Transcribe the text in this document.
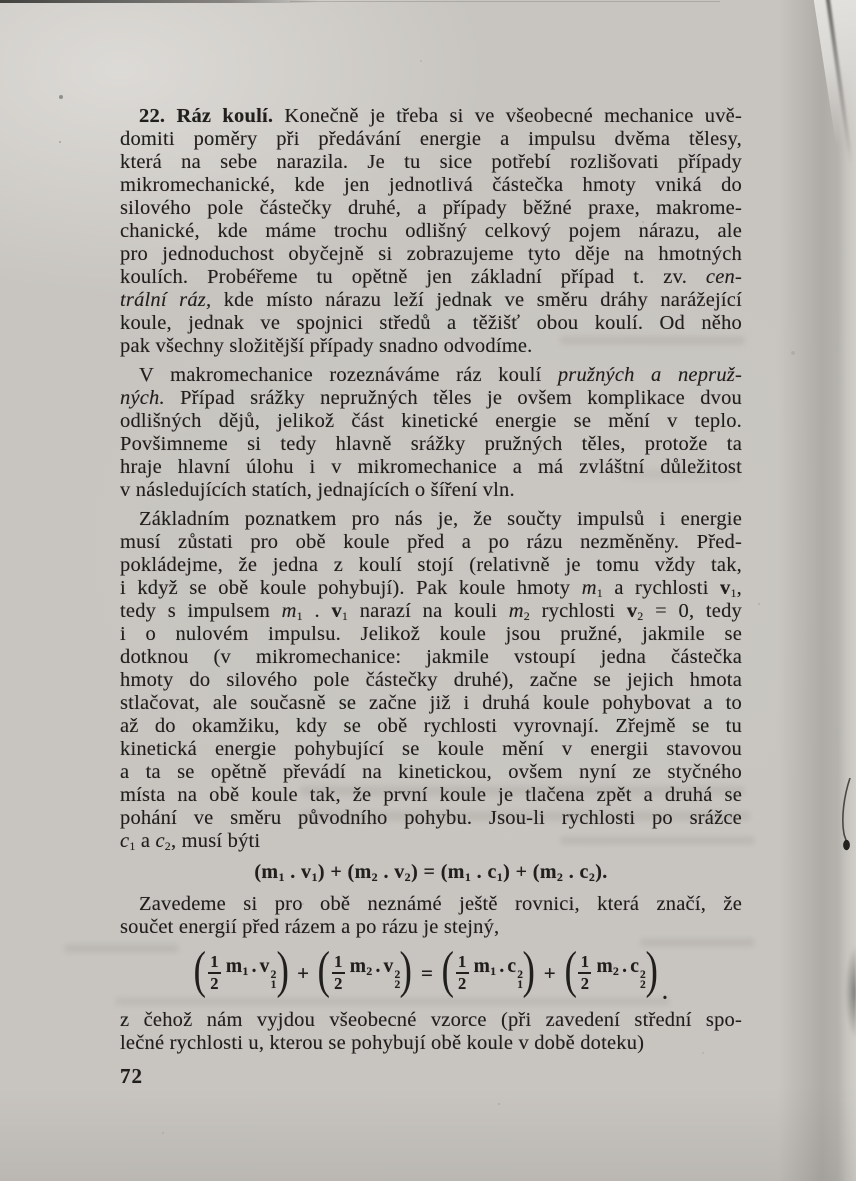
22. Ráz koulí. Konečně je třeba si ve všeobecné mechanice uvě-
domiti poměry při předávání energie a impulsu dvěma tělesy,
která na sebe narazila. Je tu sice potřebí rozlišovati případy
mikromechanické, kde jen jednotlivá částečka hmoty vniká do
silového pole částečky druhé, a případy běžné praxe, makrome-
chanické, kde máme trochu odlišný celkový pojem nárazu, ale
pro jednoduchost obyčejně si zobrazujeme tyto děje na hmotných
koulích. Probéřeme tu opětně jen základní případ t. zv. cen-
trální ráz, kde místo nárazu leží jednak ve směru dráhy narážející
koule, jednak ve spojnici středů a těžišť obou koulí. Od něho
pak všechny složitější případy snadno odvodíme.
V makromechanice rozeznáváme ráz koulí pružných a nepruž-
ných. Případ srážky nepružných těles je ovšem komplikace dvou
odlišných dějů, jelikož část kinetické energie se mění v teplo.
Povšimneme si tedy hlavně srážky pružných těles, protože ta
hraje hlavní úlohu i v mikromechanice a má zvláštní důležitost
v následujících statích, jednajících o šíření vln.
Základním poznatkem pro nás je, že součty impulsů i energie
musí zůstati pro obě koule před a po rázu nezměněny. Před-
pokládejme, že jedna z koulí stojí (relativně je tomu vždy tak,
i když se obě koule pohybují). Pak koule hmoty $m_1$ a rychlosti $v_1$,
tedy s impulsem $m_1$ . $v_1$ narazí na kouli $m_2$ rychlosti $v_2 = 0$, tedy
i o nulovém impulsu. Jelikož koule jsou pružné, jakmile se
dotknou (v mikromechanice: jakmile vstoupí jedna částečka
hmoty do silového pole částečky druhé), začne se jejich hmota
stlačovat, ale současně se začne již i druhá koule pohybovat a to
až do okamžiku, kdy se obě rychlosti vyrovnají. Zřejmě se tu
kinetická energie pohybující se koule mění v energii stavovou
a ta se opětně převádí na kinetickou, ovšem nyní ze styčného
místa na obě koule tak, že první koule je tlačena zpět a druhá se
pohání ve směru původního pohybu. Jsou-li rychlosti po srážce
$c_1$ a $c_2$, musí býti
($m_1$ . $v_1) + (m_2$ . $v_2) = (m_1$ . $c_1) + (m_2$ . $c_2$).
Zavedeme si pro obě neznámé ještě rovnici, která značí, že
součet energií před rázem a po rázu je stejný,
( $\frac{1}{2} m_1$ . v 2
1 ) + ( $\frac{1}{2} m_2$ . v 2
2 ) = ( $\frac{1}{2} m_1$ . c 2
1 ) + ( $\frac{1}{2} m_2$ . c 2
2 ) .
z čehož nám vyjdou všeobecné vzorce (při zavedení střední spo-
lečné rychlosti u, kterou se pohybují obě koule v době doteku)
72
